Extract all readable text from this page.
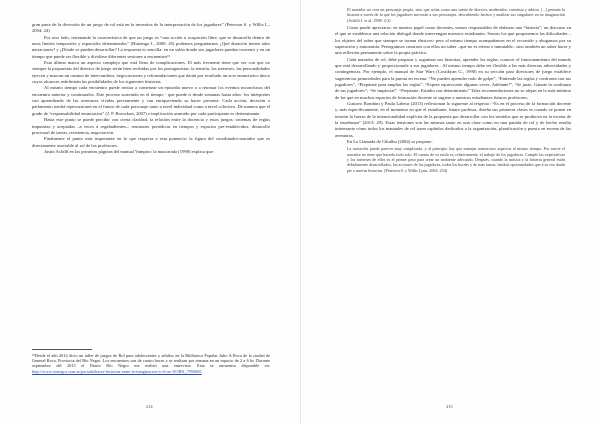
gran parte de la diversión de un juego de rol está en la inventiva de la interpretación de los jugadores” (Peterson S. y Willis L., 2004: 24)

Por otro lado, retomando la característica de que un juego es “una acción u ocupación libre, que se desarrolla dentro de unos límites temporales y espaciales determinados” (Huizinga J., 2000: 45) podemos preguntarnos ¿Qué duración tienen tales narraciones? y ¿Dónde se pueden desarrollar? La respuesta es sencilla: en un salón donde sus jugadores puedan convenir y en un tiempo que puede ser flexible y dividirse diferentes sesiones u encuentros¹⁵

Esto último marca un aspecto complejo que está lleno de complicaciones. El más frecuente tiene que ver con que no siempre la propuestas del director de juego serán bien recibidas por los protagonistas: la tensión, los intereses, las personalidades ejercen y marcan un camino de intercambios, negociaciones y reformulaciones que darán por resultado un acto enunciativo único cuyos alcances redefinirán las posibilidades de los siguientes historias.

Al mismo tiempo cada encuentro puede invitar a comenzar un episodio nuevo o a retomar los eventos inconclusos del encuentro anterior y continuarlos. Este proceso sostenido en el tiempo - que puede ir desde semanas hasta años- los intérpretes van aprendiendo de las aventuras vividas previamente y van enriqueciendo su hacer presente. Cada acción, decisión o parlamento tendrá repercusiones en el futuro de cada personaje tanto a nivel individual como a nivel colectivo. De manera que el grado de “responsabilidad enunciativa” (J. P. Bronckart, 2007) e implicación asumido por cada participante es determinante.

Hasta este punto se puede percibir con cierta claridad, la relación entre la docencia y estos juegos: sistemas de reglas impuestas y aceptadas –a veces a regañadientes–, reuniones periódicas en tiempos y espacios pre-establecidos, desarrollo procesual de tareas, resistencia, negociación.

Finalmente el punto más importante en lo que respecta a esta ponencia: la figura del coordinador-narrador que es directamente asociable al rol de los profesores.

Justin Achilli en las primeras páginas del manual Vampiro: la mascarada (1998) explica que:

¹⁵Desde el año 2014 dicto un taller de juegos de Rol para adolescentes y adultos en la Biblioteca Popular Julio A Roca de la ciudad de General Roca, Provincia del Río Negro. Los encuentros son de cuatro horas y se realizan por semana en un espacio de 2 a 6 hs. Durante septiembre del 2015 el Diario Río Negro me realizó una entrevista. Esta se encuentra disponible en: http://www.rionegro.com.ar/portada/hacer-historias-entre-la-imaginacion-y-el-az-XORN_7950665
214

El narrador no crea un personaje propio, sino que actúa como una suerte de director, moderador, cuentista y árbitro. [...] permite la historia a través de la que los jugadores moverán a sus personajes, describiendo hechos y analizar sus singulares en su imaginación (Achilli J. et al. 1998: 2-3)

Como puede apreciarse, en nuestro papel como docentes, somos responsables de elaborar una “historia”; un discurso en el que se establezca una relación dialogal donde intervengan nuestros estudiantes. Somos los que proponemos las dificultades –los objetos del saber que siempre se tornan elusivos- pero al mismo tiempo acompañamos en el recorrido y abogamos por su superación y autonomía. Perseguimos construir con ellos un saber –que no es eterno e inmutable– sino también un saber hacer y una reflexión permanente sobre la propia práctica.

Cada narrador de rol, debe preparar y organizar sus historias, aprender las reglas, conocer el funcionamiento del mundo que está desarrollando y proporcionarle a sus jugadores . Al mismo tiempo debe ser flexible a las más diversas adversidades y contingencias. Por ejemplo, el manual de Star Wars (Costikyan G., 1990) en su sección para directores de juego establece sugerencias primordiales para la puesta en escena: “No puedes aprender todo de golpe”, “Entiende las reglas y confronta con tus jugadores”, “Prepárate para ampliar las reglas”, “Espera equivocarte algunas veces. Adelante!”, “Se justo. Gánate la confianza de tus jugadores”; “Se impárcial”. “Prepárate, Estudia con detenimiento” Tales recomendaciones no se alejan en lo más mínimo de las que en muchos espacios de formación docente se sugiere a nuestros estudiantes futuros profesores.

Gustavo Bombini y Paula Labeur (2013) reflexionan lo siguiente al respecto: “Es en el proceso de la formación docente y, más específicamente, en el momento en que el estudiante, futuro profesor, diseña sus primeras clases es cuando se ponen en tensión la fuerza de la intencionalidad explícita de la propuesta por desarrollar con los sentidos que se producen en la escena de la enseñanza” (2013: 20). Estas tensiones son las mismas tanto en una clase como en una partida de rol y de hecho resulta interesante cómo todos los manuales de rol traen capítulos dedicados a la organización, planificación y puesta en escena de las aventuras.

En La Llamada de Cthulhu (2004) se propone:

La narración puede parecer muy complicada, y al principio hay que manejar numerosos aspectos al mismo tiempo. Por suerte el narrador no tiene que hacerlo todo solo. El cuento de su estilo es, relativamente, el trabajo de los jugadores. Cumple las expectativas y los intereses de ellos es el primer paso para crear un ambiente adecuado. Después, cuando la música y la histeria general están debidamente desarrollados, las acciones de los jugadores, todos los bordes y de más tareas, tendrás oportunidades que a su vez darán pie a nuevas historias. (Peterson S. y Willis Lynn, 2004: 254)

215
